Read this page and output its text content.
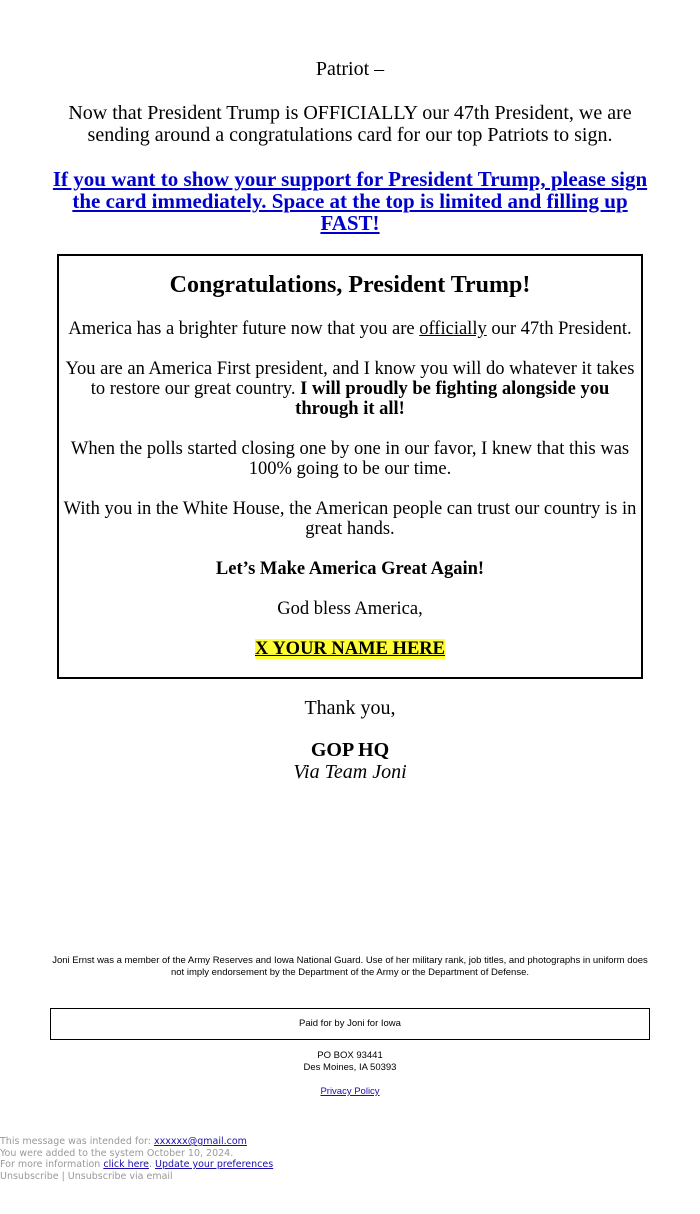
Patriot –

Now that President Trump is OFFICIALLY our 47th President, we are sending around a congratulations card for our top Patriots to sign.

If you want to show your support for President Trump, please sign the card immediately. Space at the top is limited and filling up FAST!

Congratulations, President Trump!

America has a brighter future now that you are officially our 47th President.

You are an America First president, and I know you will do whatever it takes to restore our great country. I will proudly be fighting alongside you through it all!

When the polls started closing one by one in our favor, I knew that this was 100% going to be our time.

With you in the White House, the American people can trust our country is in great hands.

Let’s Make America Great Again!

God bless America,

X YOUR NAME HERE

Thank you,

GOP HQ

Via Team Joni

Joni Ernst was a member of the Army Reserves and Iowa National Guard. Use of her military rank, job titles, and photographs in uniform does not imply endorsement by the Department of the Army or the Department of Defense.

Paid for by Joni for Iowa
PO BOX 93441
Des Moines, IA 50393
Privacy Policy
This message was intended for: xxxxxx@gmail.com
You were added to the system October 10, 2024.
For more information click here. Update your preferences
Unsubscribe | Unsubscribe via email
